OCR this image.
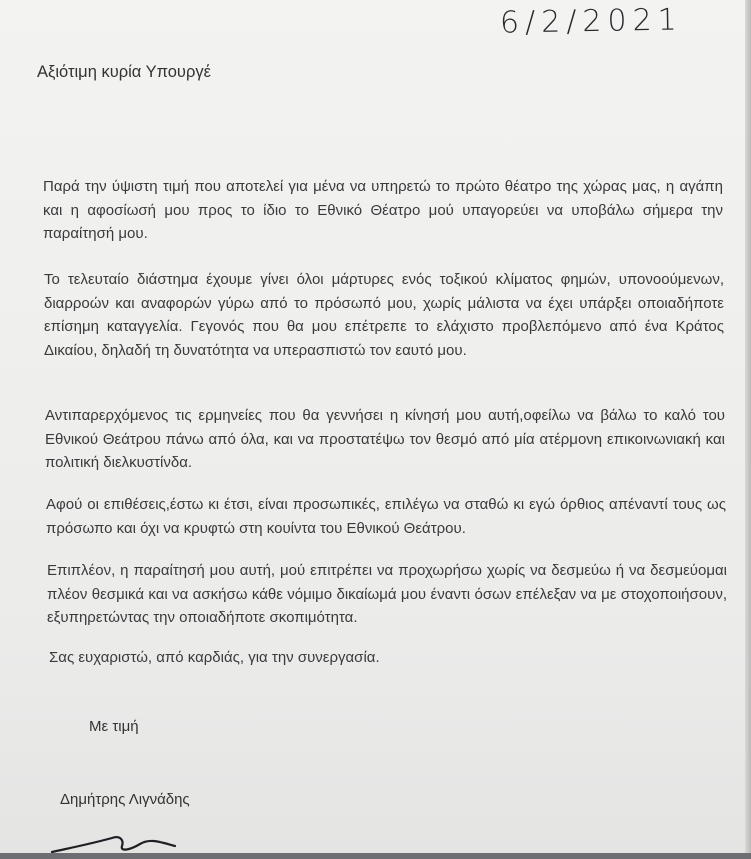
6/2/2021
Αξιότιμη κυρία Υπουργέ

Παρά την ύψιστη τιμή που αποτελεί για μένα να υπηρετώ το πρώτο θέατρο της χώρας μας, η αγάπη και η αφοσίωσή μου προς το ίδιο το Εθνικό Θέατρο μού υπαγορεύει να υποβάλω σήμερα την παραίτησή μου.

Το τελευταίο διάστημα έχουμε γίνει όλοι μάρτυρες ενός τοξικού κλίματος φημών, υπονοούμενων, διαρροών και αναφορών γύρω από το πρόσωπό μου, χωρίς μάλιστα να έχει υπάρξει οποιαδήποτε επίσημη καταγγελία. Γεγονός που θα μου επέτρεπε το ελάχιστο προβλεπόμενο από ένα Κράτος Δικαίου, δηλαδή τη δυνατότητα να υπερασπιστώ τον εαυτό μου.

Αντιπαρερχόμενος τις ερμηνείες που θα γεννήσει η κίνησή μου αυτή,οφείλω να βάλω το καλό του Εθνικού Θεάτρου πάνω από όλα, και να προστατέψω τον θεσμό από μία ατέρμονη επικοινωνιακή και πολιτική διελκυστίνδα.

Αφού οι επιθέσεις,έστω κι έτσι, είναι προσωπικές, επιλέγω να σταθώ κι εγώ όρθιος απέναντί τους ως πρόσωπο και όχι να κρυφτώ στη κουίντα του Εθνικού Θεάτρου.

Επιπλέον, η παραίτησή μου αυτή, μού επιτρέπει να προχωρήσω χωρίς να δεσμεύω ή να δεσμεύομαι πλέον θεσμικά και να ασκήσω κάθε νόμιμο δικαίωμά μου έναντι όσων επέλεξαν να με στοχοποιήσουν, εξυπηρετώντας την οποιαδήποτε σκοπιμότητα.

Σας ευχαριστώ, από καρδιάς, για την συνεργασία.

Με τιμή
Δημήτρης Λιγνάδης
